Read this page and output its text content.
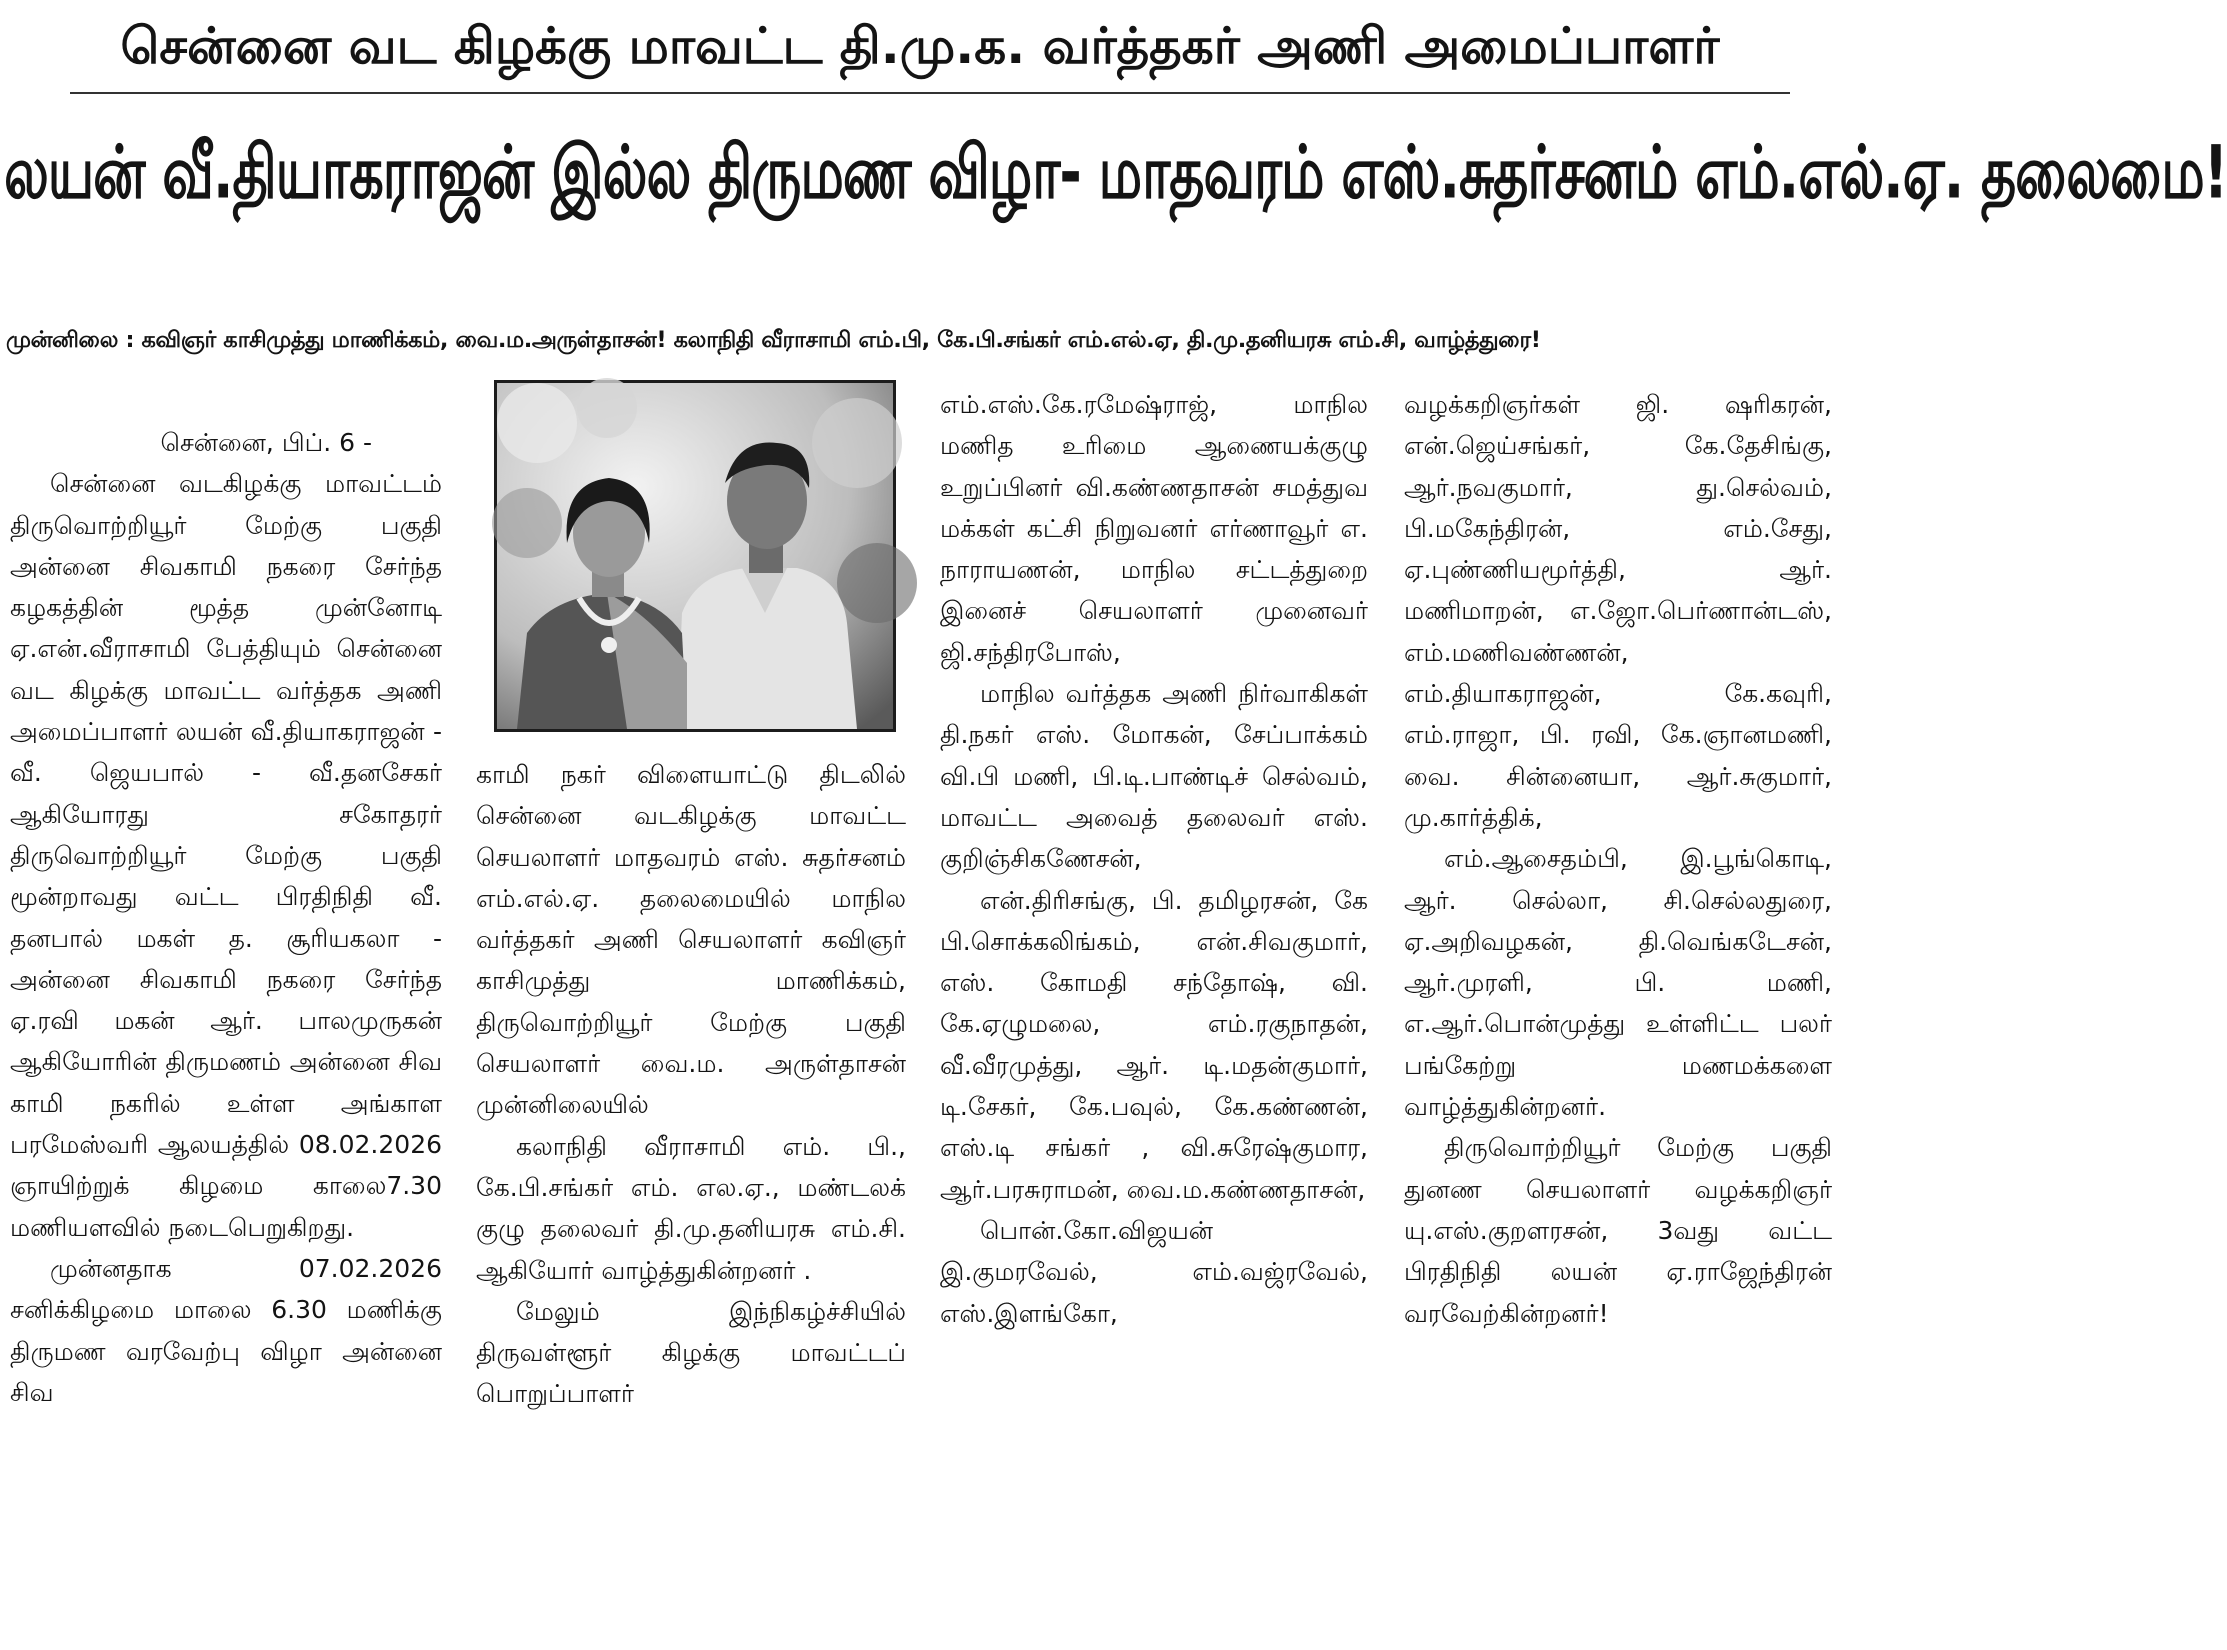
சென்னை வட கிழக்கு மாவட்ட தி.மு.க. வர்த்தகர் அணி அமைப்பாளர்
லயன் வீ.தியாகராஜன் இல்ல திருமண விழா- மாதவரம் எஸ்.சுதர்சனம் எம்.எல்.ஏ. தலைமை!
முன்னிலை : கவிஞர் காசிமுத்து மாணிக்கம், வை.ம.அருள்தாசன்! கலாநிதி வீராசாமி எம்.பி, கே.பி.சங்கர் எம்.எல்.ஏ, தி.மு.தனியரசு எம்.சி, வாழ்த்துரை!

சென்னை, பிப். 6 -

சென்னை வடகிழக்கு மாவட்டம் திருவொற்றியூர் மேற்கு பகுதி அன்னை சிவகாமி நகரை சேர்ந்த கழகத்தின் மூத்த முன்னோடி ஏ.என்.வீராசாமி பேத்தியும் சென்னை வட கிழக்கு மாவட்ட வர்த்தக அணி அமைப்பாளர் லயன் வீ.தியாகராஜன் - வீ. ஜெயபால் - வீ.தனசேகர் ஆகியோரது சகோதரர் திருவொற்றியூர் மேற்கு பகுதி மூன்றாவது வட்ட பிரதிநிதி வீ. தனபால் மகள் த. சூரியகலா - அன்னை சிவகாமி நகரை சேர்ந்த ஏ.ரவி மகன் ஆர். பாலமுருகன் ஆகியோரின் திருமணம் அன்னை சிவ காமி நகரில் உள்ள அங்காள பரமேஸ்வரி ஆலயத்தில் 08.02.2026 ஞாயிற்றுக் கிழமை காலை7.30 மணியளவில் நடைபெறுகிறது.

முன்னதாக 07.02.2026 சனிக்கிழமை மாலை 6.30 மணிக்கு திருமண வரவேற்பு விழா அன்னை சிவ

காமி நகர் விளையாட்டு திடலில் சென்னை வடகிழக்கு மாவட்ட செயலாளர் மாதவரம் எஸ். சுதர்சனம் எம்.எல்.ஏ. தலைமையில் மாநில வர்த்தகர் அணி செயலாளர் கவிஞர் காசிமுத்து மாணிக்கம், திருவொற்றியூர் மேற்கு பகுதி செயலாளர் வை.ம. அருள்தாசன் முன்னிலையில்

கலாநிதி வீராசாமி எம். பி., கே.பி.சங்கர் எம். எல.ஏ., மண்டலக் குழு தலைவர் தி.மு.தனியரசு எம்.சி. ஆகியோர் வாழ்த்துகின்றனர் .

மேலும் இந்நிகழ்ச்சியில் திருவள்ளூர் கிழக்கு மாவட்டப் பொறுப்பாளர்

எம்.எஸ்.கே.ரமேஷ்ராஜ், மாநில மணித உரிமை ஆணையக்குழு உறுப்பினர் வி.கண்ணதாசன் சமத்துவ மக்கள் கட்சி நிறுவனர் எர்ணாவூர் எ. நாராயணன், மாநில சட்டத்துறை இனைச் செயலாளர் முனைவர் ஜி.சந்திரபோஸ்,

மாநில வர்த்தக அணி நிர்வாகிகள் தி.நகர் எஸ். மோகன், சேப்பாக்கம் வி.பி மணி, பி.டி.பாண்டிச் செல்வம், மாவட்ட அவைத் தலைவர் எஸ். குறிஞ்சிகணேசன்,

என்.திரிசங்கு, பி. தமிழரசன், கே பி.சொக்கலிங்கம், என்.சிவகுமார், எஸ். கோமதி சந்தோஷ், வி. கே.ஏழுமலை, எம்.ரகுநாதன், வீ.வீரமுத்து, ஆர். டி.மதன்குமார், டி.சேகர், கே.பவுல், கே.கண்ணன், எஸ்.டி சங்கர் , வி.சுரேஷ்குமார, ஆர்.பரசுராமன், வை.ம.கண்ணதாசன்,

பொன்.கோ.விஜயன் இ.குமரவேல், எம்.வஜ்ரவேல், எஸ்.இளங்கோ,

வழக்கறிஞர்கள் ஜி. ஷரிகரன், என்.ஜெய்சங்கர், கே.தேசிங்கு, ஆர்.நவகுமார், து.செல்வம், பி.மகேந்திரன், எம்.சேது, ஏ.புண்ணியமூர்த்தி, ஆர். மணிமாறன், எ.ஜோ.பெர்ணான்டஸ், எம்.மணிவண்ணன், எம்.தியாகராஜன், கே.கவுரி, எம்.ராஜா, பி. ரவி, கே.ஞானமணி, வை. சின்னையா, ஆர்.சுகுமார், மு.கார்த்திக்,

எம்.ஆசைதம்பி, இ.பூங்கொடி, ஆர். செல்லா, சி.செல்லதுரை, ஏ.அறிவழகன், தி.வெங்கடேசன், ஆர்.முரளி, பி. மணி, எ.ஆர்.பொன்முத்து உள்ளிட்ட பலர் பங்கேற்று மணமக்களை வாழ்த்துகின்றனர்.

திருவொற்றியூர் மேற்கு பகுதி துனண செயலாளர் வழக்கறிஞர் யு.எஸ்.குறளரசன், 3வது வட்ட பிரதிநிதி லயன் ஏ.ராஜேந்திரன் வரவேற்கின்றனர்!
